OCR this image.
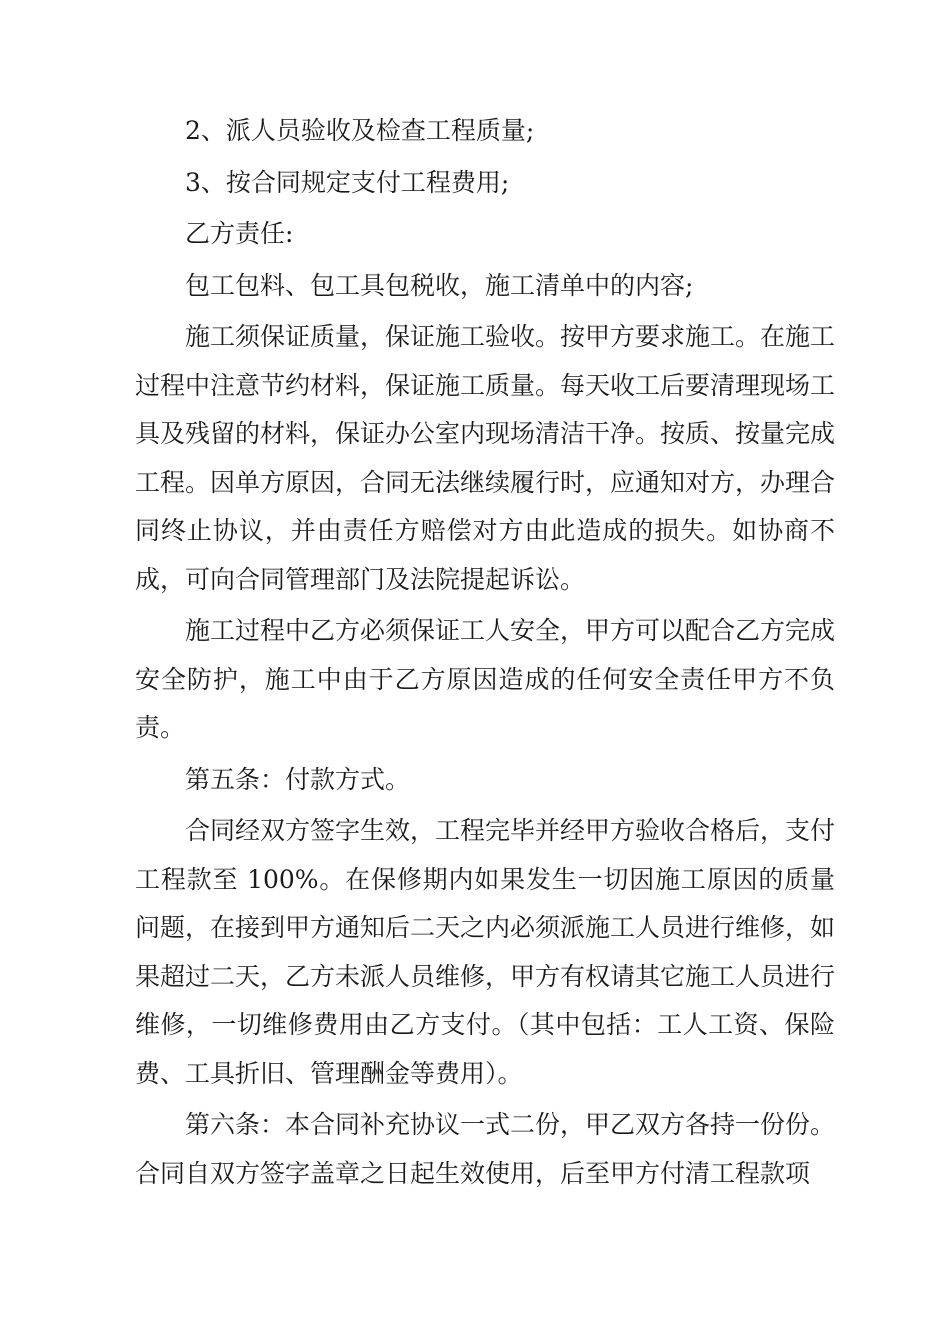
2、派人员验收及检查工程质量;

3、按合同规定支付工程费用;

乙方责任:

包工包料、包工具包税收，施工清单中的内容;

施工须保证质量，保证施工验收。按甲方要求施工。在施工过程中注意节约材料，保证施工质量。每天收工后要清理现场工具及残留的材料，保证办公室内现场清洁干净。按质、按量完成工程。因单方原因，合同无法继续履行时，应通知对方，办理合同终止协议，并由责任方赔偿对方由此造成的损失。如协商不成，可向合同管理部门及法院提起诉讼。

施工过程中乙方必须保证工人安全，甲方可以配合乙方完成安全防护，施工中由于乙方原因造成的任何安全责任甲方不负责。

第五条：付款方式。

合同经双方签字生效，工程完毕并经甲方验收合格后，支付工程款至 100%。在保修期内如果发生一切因施工原因的质量问题，在接到甲方通知后二天之内必须派施工人员进行维修，如果超过二天，乙方未派人员维修，甲方有权请其它施工人员进行维修，一切维修费用由乙方支付。（其中包括：工人工资、保险费、工具折旧、管理酬金等费用）。

第六条：本合同补充协议一式二份，甲乙双方各持一份份。合同自双方签字盖章之日起生效使用，后至甲方付清工程款项
